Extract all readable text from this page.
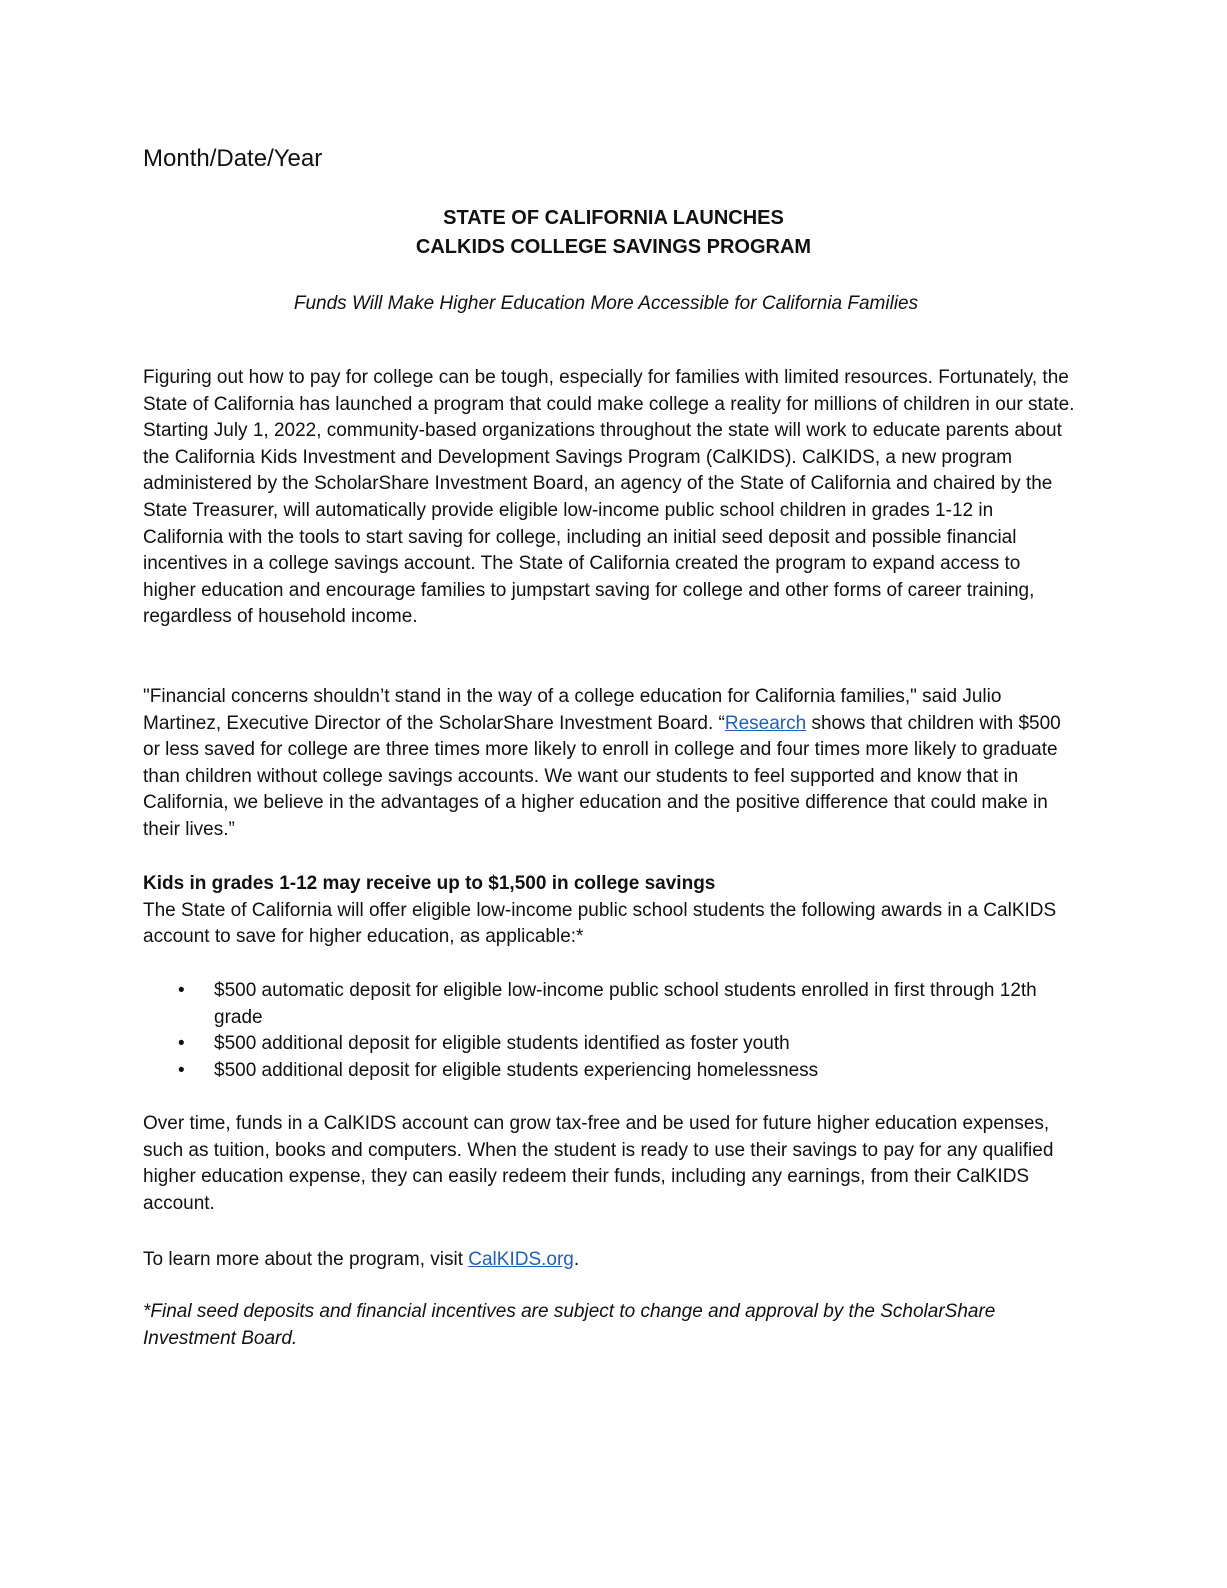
Month/Date/Year
STATE OF CALIFORNIA LAUNCHES
CALKIDS COLLEGE SAVINGS PROGRAM
Funds Will Make Higher Education More Accessible for California Families
Figuring out how to pay for college can be tough, especially for families with limited resources. Fortunately, the State of California has launched a program that could make college a reality for millions of children in our state. Starting July 1, 2022, community-based organizations throughout the state will work to educate parents about the California Kids Investment and Development Savings Program (CalKIDS). CalKIDS, a new program administered by the ScholarShare Investment Board, an agency of the State of California and chaired by the State Treasurer, will automatically provide eligible low-income public school children in grades 1-12 in California with the tools to start saving for college, including an initial seed deposit and possible financial incentives in a college savings account. The State of California created the program to expand access to higher education and encourage families to jumpstart saving for college and other forms of career training, regardless of household income.
"Financial concerns shouldn’t stand in the way of a college education for California families," said Julio Martinez, Executive Director of the ScholarShare Investment Board. “Research shows that children with $500 or less saved for college are three times more likely to enroll in college and four times more likely to graduate than children without college savings accounts. We want our students to feel supported and know that in California, we believe in the advantages of a higher education and the positive difference that could make in their lives.”
Kids in grades 1-12 may receive up to $1,500 in college savings
The State of California will offer eligible low-income public school students the following awards in a CalKIDS account to save for higher education, as applicable:*
• $500 automatic deposit for eligible low-income public school students enrolled in first through 12th grade
• $500 additional deposit for eligible students identified as foster youth
• $500 additional deposit for eligible students experiencing homelessness
Over time, funds in a CalKIDS account can grow tax-free and be used for future higher education expenses, such as tuition, books and computers. When the student is ready to use their savings to pay for any qualified higher education expense, they can easily redeem their funds, including any earnings, from their CalKIDS account.
To learn more about the program, visit CalKIDS.org.
*Final seed deposits and financial incentives are subject to change and approval by the ScholarShare Investment Board.
